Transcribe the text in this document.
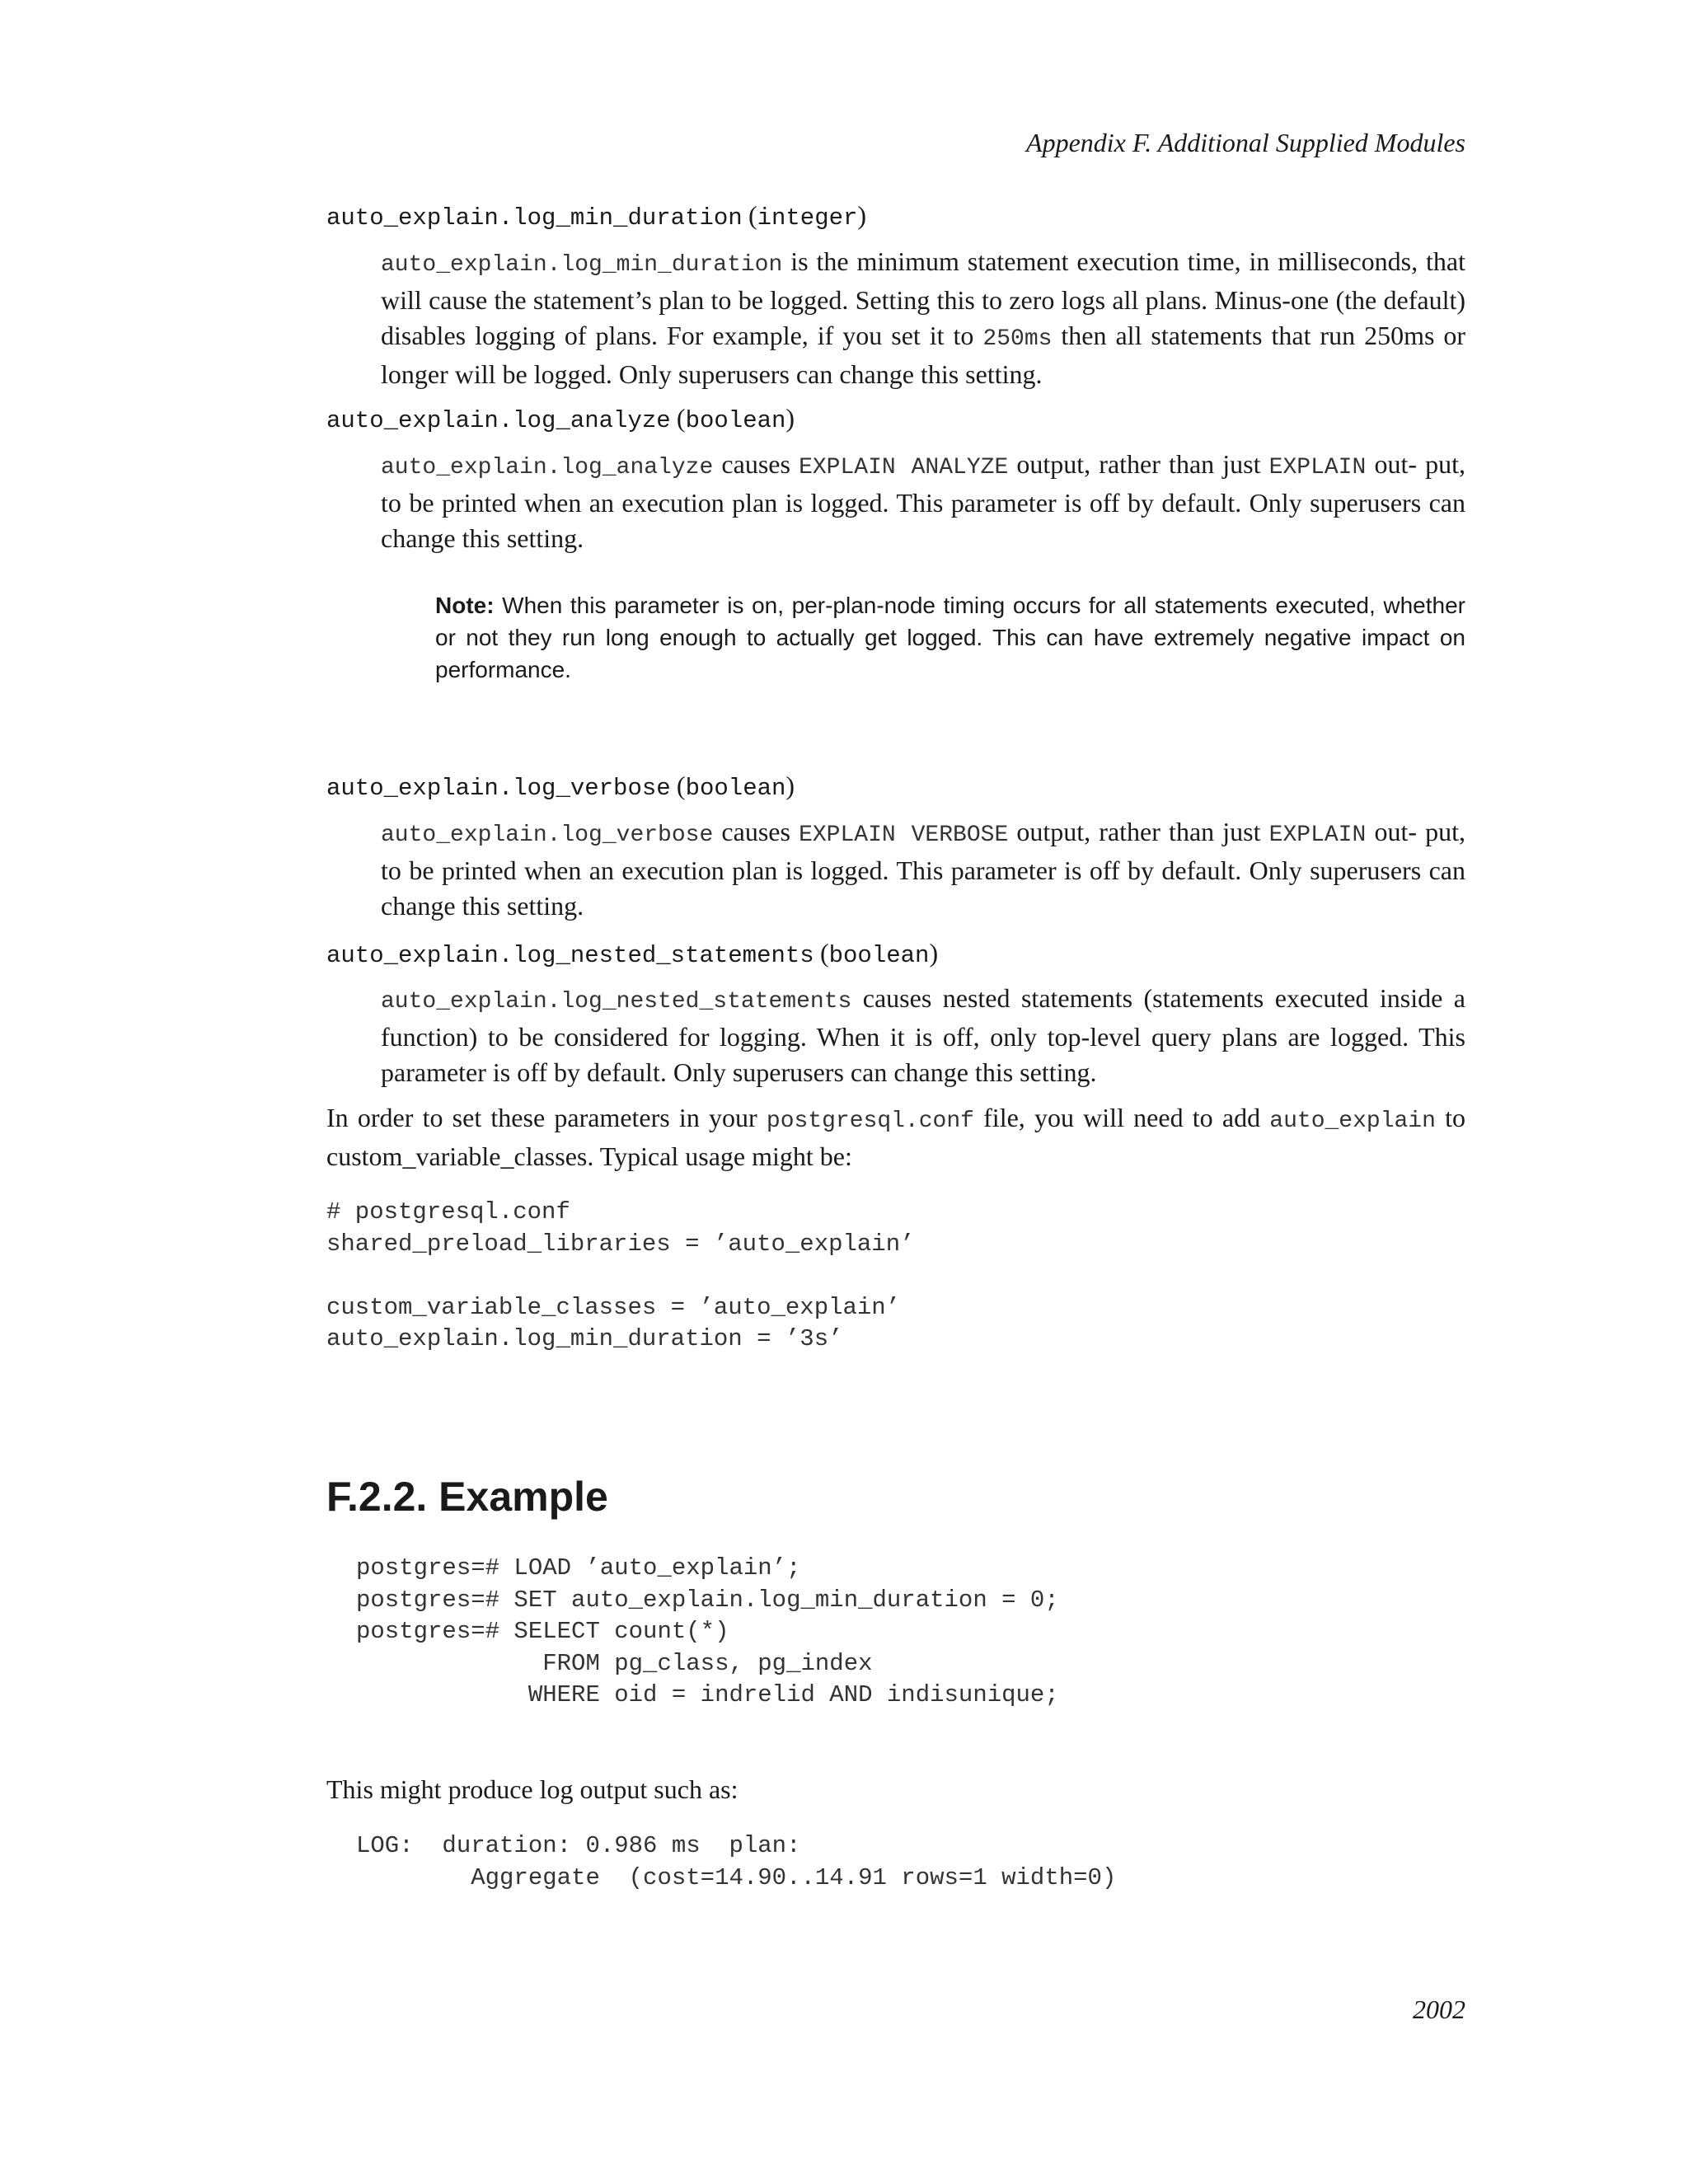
Appendix F. Additional Supplied Modules
auto_explain.log_min_duration (integer)
auto_explain.log_min_duration is the minimum statement execution time, in milliseconds, that will cause the statement’s plan to be logged. Setting this to zero logs all plans. Minus-one (the default) disables logging of plans. For example, if you set it to 250ms then all statements that run 250ms or longer will be logged. Only superusers can change this setting.
auto_explain.log_analyze (boolean)
auto_explain.log_analyze causes EXPLAIN ANALYZE output, rather than just EXPLAIN out- put, to be printed when an execution plan is logged. This parameter is off by default. Only superusers can change this setting.
Note: When this parameter is on, per-plan-node timing occurs for all statements executed, whether or not they run long enough to actually get logged. This can have extremely negative impact on performance.
auto_explain.log_verbose (boolean)
auto_explain.log_verbose causes EXPLAIN VERBOSE output, rather than just EXPLAIN out- put, to be printed when an execution plan is logged. This parameter is off by default. Only superusers can change this setting.
auto_explain.log_nested_statements (boolean)
auto_explain.log_nested_statements causes nested statements (statements executed inside a function) to be considered for logging. When it is off, only top-level query plans are logged. This parameter is off by default. Only superusers can change this setting.
In order to set these parameters in your postgresql.conf file, you will need to add auto_explain to custom_variable_classes. Typical usage might be:
# postgresql.conf
shared_preload_libraries = ’auto_explain’

custom_variable_classes = ’auto_explain’
auto_explain.log_min_duration = ’3s’
F.2.2. Example
postgres=# LOAD ’auto_explain’;
postgres=# SET auto_explain.log_min_duration = 0;
postgres=# SELECT count(*)
FROM pg_class, pg_index
WHERE oid = indrelid AND indisunique;
This might produce log output such as:
LOG:  duration: 0.986 ms  plan:
Aggregate  (cost=14.90..14.91 rows=1 width=0)
2002
